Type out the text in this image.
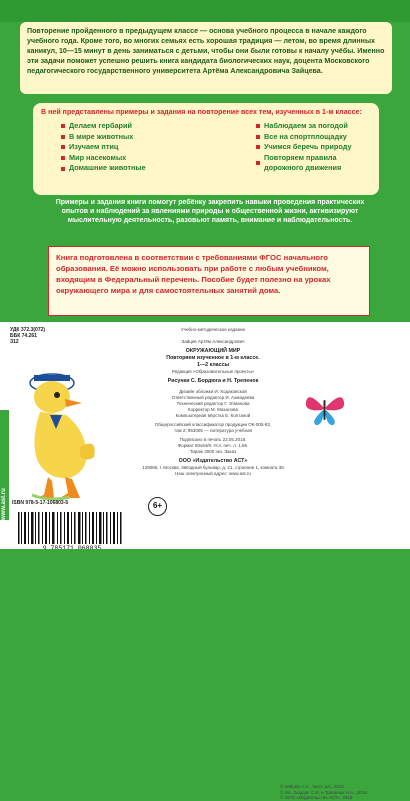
Повторение пройденного в предыдущем классе — основа учебного процесса в начале каждого учебного года. Кроме того, во многих семьях есть хорошая традиция — летом, во время длинных каникул, 10—15 минут в день заниматься с детьми, чтобы они были готовы к началу учёбы. Именно эти задачи поможет успешно решить книга кандидата биологических наук, доцента Московского педагогического государственного университета Артёма Александровича Зайцева.

В ней представлены примеры и задания на повторение всех тем, изученных в 1-м классе:

Делаем гербарий
В мире животных
Изучаем птиц
Мир насекомых
Домашние животные
Наблюдаем за погодой
Все на спортплощадку
Учимся беречь природу
Повторяем правила дорожного движения

Примеры и задания книги помогут ребёнку закрепить навыки проведения практических опытов и наблюдений за явлениями природы и общественной жизни, активизируют мыслительную деятельность, разовьют память, внимание и наблюдательность.

Книга подготовлена в соответствии с требованиями ФГОС начального образования. Её можно использовать при работе с любым учебником, входящим в Федеральный перечень. Пособие будет полезно на уроках окружающего мира и для самостоятельных занятий дома.

УДК 372.3(072)
ББК 74.261
З12
Учебно-методическое издание
Зайцев Артём Александрович
ОКРУЖАЮЩИЙ МИР
Повторяем изученное в 1-м классе.
1—2 классы
Редакция «Образовательные проекты»
Рисунки С. Бордюга и Н. Трепенок
Дизайн обложки И. Ходаковской
Ответственный редактор И. Ахмадеева
Технический редактор Г. Этманова
Корректор М. Мазалова
Компьютерная вёрстка Е. Колтаной
Общероссийский классификатор продукции ОК-005-93,
том 2; 953005 — литература учебная
Подписано в печать 23.05.2018.
Формат 60х84/8. Усл. печ. л. 1,86.
Тираж 3000 экз. Заказ
ООО «Издательство АСТ»
129085, г. Москва, Звёздный бульвар, д. 21, строение 1, комната 39
Наш электронный адрес: www.ast.ru
ISBN 978-5-17-106803-5
© Зайцев А.А., текст, ил., 2018
© Ил., Бордюг С.И. и Трепенок Н.А., 2018
© ООО «Издательство АСТ», 2018
www.ast.ru	6+
